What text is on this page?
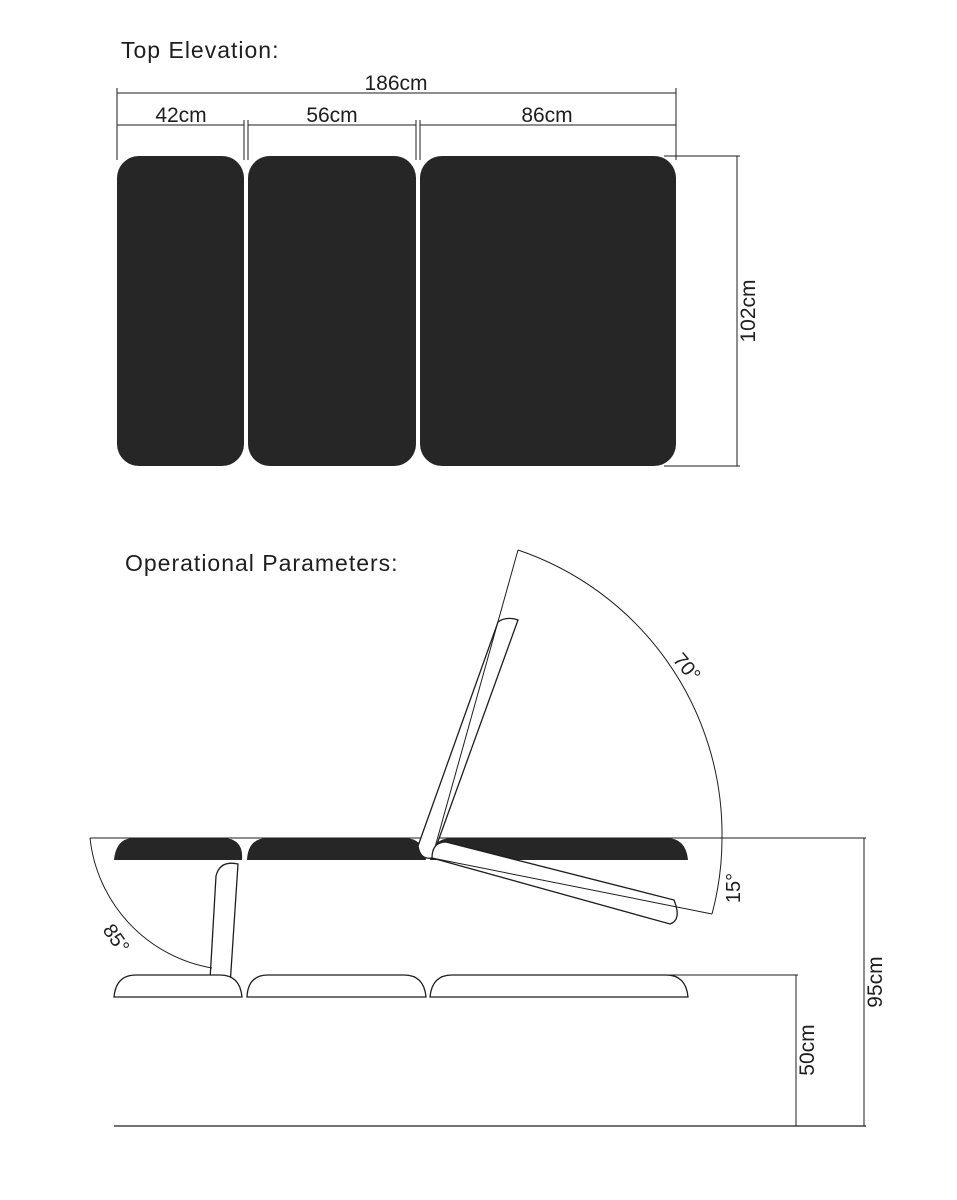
Top Elevation:
186cm
42cm	56cm	86cm
102cm
Operational Parameters:
70°
15°
85°
95cm
50cm
